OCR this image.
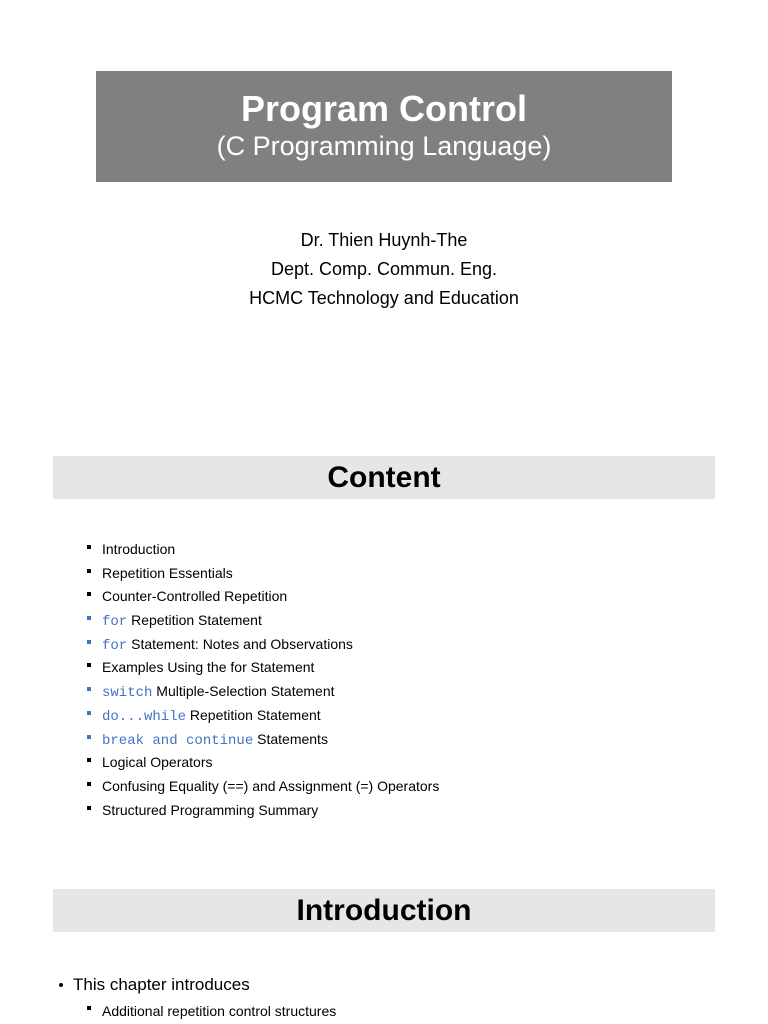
Program Control
(C Programming Language)
Dr. Thien Huynh-The
Dept. Comp. Commun. Eng.
HCMC Technology and Education
Content
Introduction
Repetition Essentials
Counter-Controlled Repetition
for Repetition Statement
for Statement: Notes and Observations
Examples Using the for Statement
switch Multiple-Selection Statement
do...while Repetition Statement
break and continue Statements
Logical Operators
Confusing Equality (==) and Assignment (=) Operators
Structured Programming Summary
Introduction
This chapter introduces
Additional repetition control structures
